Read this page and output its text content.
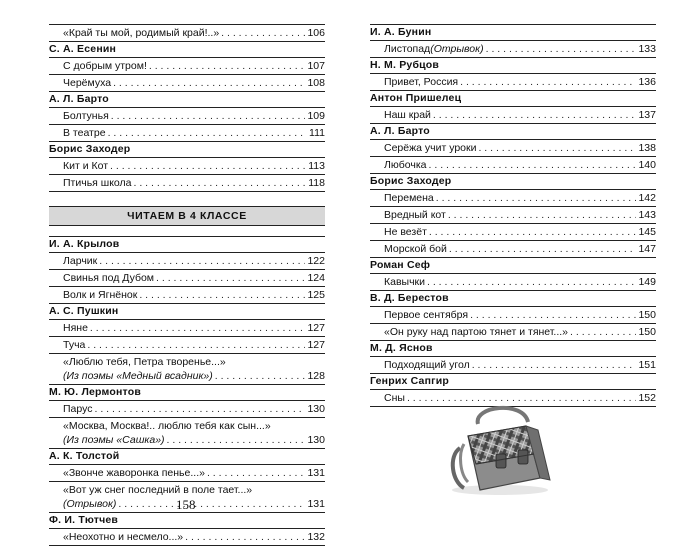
«Край ты мой, родимый край!..» . . .	106
С. А. Есенин
С добрым утром! . . .	107
Черёмуха . . .	108
А. Л. Барто
Болтунья . . .	109
В театре . . .	111
Борис Заходер
Кит и Кот . . .	113
Птичья школа . . .	118
ЧИТАЕМ В 4 КЛАССЕ
И. А. Крылов
Ларчик . . .	122
Свинья под Дубом . . .	124
Волк и Ягнёнок . . .	125
А. С. Пушкин
Няне . . .	127
Туча . . .	127
«Люблю тебя, Петра творенье...»
(Из поэмы «Медный всадник») . . .	128
М. Ю. Лермонтов
Парус . . .	130
«Москва, Москва!.. люблю тебя как сын...»
(Из поэмы «Сашка») . . .	130
А. К. Толстой
«Звонче жаворонка пенье...» . . .	131
«Вот уж снег последний в поле тает...»
(Отрывок) . . .	131
Ф. И. Тютчев
«Неохотно и несмело...» . . .	132
И. А. Бунин
Листопад (Отрывок) . . .	133
Н. М. Рубцов
Привет, Россия . . .	136
Антон Пришелец
Наш край . . .	137
А. Л. Барто
Серёжа учит уроки . . .	138
Любочка . . .	140
Борис Заходер
Перемена . . .	142
Вредный кот . . .	143
Не везёт . . .	145
Морской бой . . .	147
Роман Сеф
Кавычки . . .	149
В. Д. Берестов
Первое сентября . . .	150
«Он руку над партою тянет и тянет...» . . .	150
М. Д. Яснов
Подходящий угол . . .	151
Генрих Сапгир
Сны . . .	152
158
